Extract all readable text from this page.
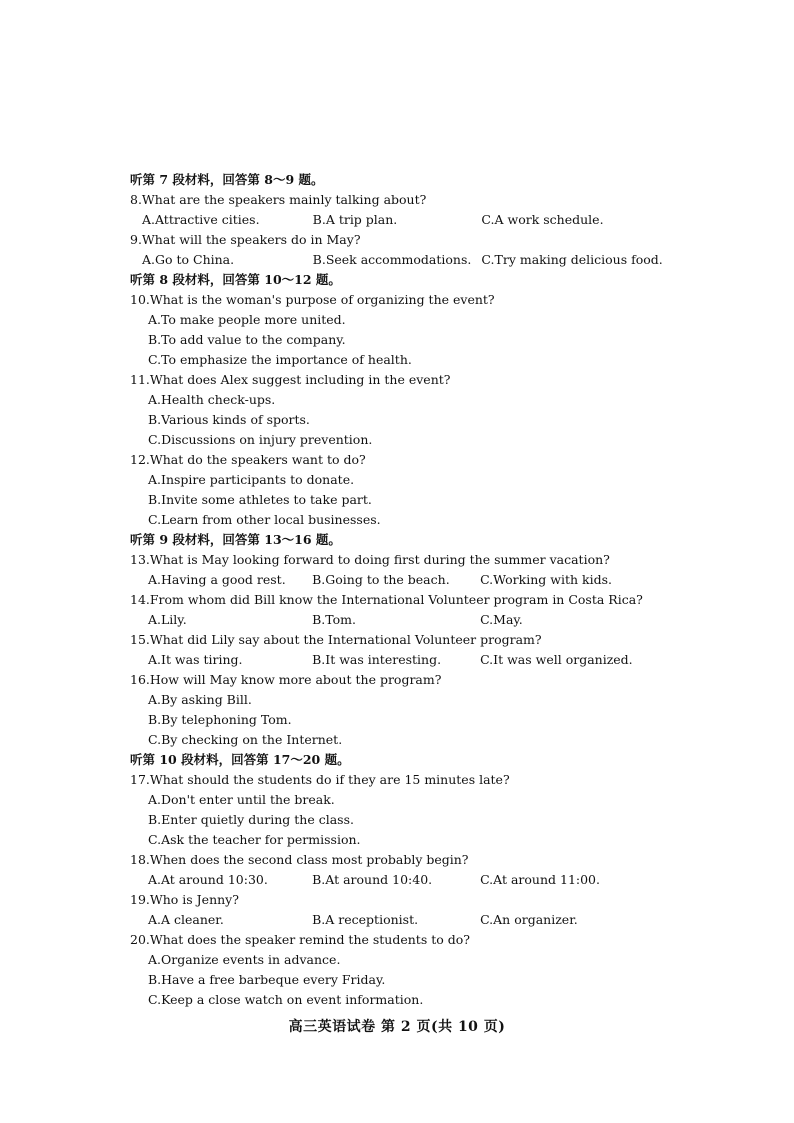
听第 7 段材料，回答第 8～9 题。
8.What are the speakers mainly talking about?
A.Attractive cities.	B.A trip plan.	C.A work schedule.
9.What will the speakers do in May?
A.Go to China.	B.Seek accommodations. C.Try making delicious food.
听第 8 段材料，回答第 10～12 题。
10.What is the woman's purpose of organizing the event?
A.To make people more united.
B.To add value to the company.
C.To emphasize the importance of health.
11.What does Alex suggest including in the event?
A.Health check-ups.
B.Various kinds of sports.
C.Discussions on injury prevention.
12.What do the speakers want to do?
A.Inspire participants to donate.
B.Invite some athletes to take part.
C.Learn from other local businesses.
听第 9 段材料，回答第 13～16 题。
13.What is May looking forward to doing first during the summer vacation?
A.Having a good rest.	B.Going to the beach.	C.Working with kids.
14.From whom did Bill know the International Volunteer program in Costa Rica?
A.Lily.	B.Tom.	C.May.
15.What did Lily say about the International Volunteer program?
A.It was tiring.	B.It was interesting.	C.It was well organized.
16.How will May know more about the program?
A.By asking Bill.
B.By telephoning Tom.
C.By checking on the Internet.
听第 10 段材料，回答第 17～20 题。
17.What should the students do if they are 15 minutes late?
A.Don't enter until the break.
B.Enter quietly during the class.
C.Ask the teacher for permission.
18.When does the second class most probably begin?
A.At around 10:30.	B.At around 10:40.	C.At around 11:00.
19.Who is Jenny?
A.A cleaner.	B.A receptionist.	C.An organizer.
20.What does the speaker remind the students to do?
A.Organize events in advance.
B.Have a free barbeque every Friday.
C.Keep a close watch on event information.
高三英语试卷 第 2 页(共 10 页)
